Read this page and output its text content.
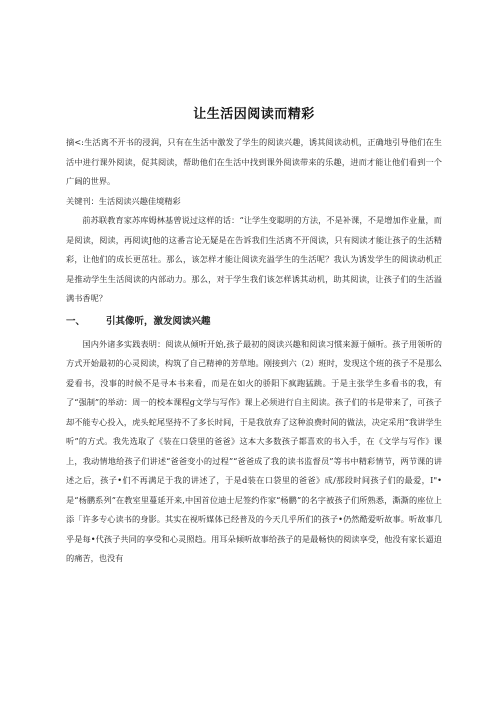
让生活因阅读而精彩

摘<:生活离不开书的浸润，只有在生活中激发了学生的阅读兴趣，诱其阅读动机，正确地引导他们在生活中进行课外阅读，促其阅读，帮助他们在生活中找到课外阅读带来的乐趣，进而才能让他们看到一个广阔的世界。

关键刊：生活阅读兴趣佳境精彩

前苏联教育家苏库姆林基曾说过这样的话：“让学生变聪明的方法，不是补课，不是增加作业量，而是阅读，阅读，再阅读J他的这番言论无疑是在告诉我们生活离不开阅读，只有阅读才能让孩子的生活精彩，让他们的成长更茁壮。那么，该怎样才能让阅读充溢学生的生活呢？我认为诱发学生的阅读动机正是推动学生生活阅读的内部动力。那么，对于学生我们该怎样诱其动机，助其阅读，让孩子们的生活溢满书香呢？

一、 引其像听，激发阅读兴趣

国内外诸多实践表明：阅读从倾听开始,孩子最初的阅读兴趣和阅读习惯来源于倾听。孩子用领听的方式开始最初的心灵阅读，构筑了自己精神的芳草地。刚接到六（2）班时，发现这个班的孩子不是那么爱看书，没事的时候不是寻本书来看，而是在如火的骄阳下疯跑猛跳。于是主张学生多看书的我，有了“强制”的举动：周一的校本课程g文学与写作》课上必须进行自主阅读。孩子们的书是带来了，可孩子却不能专心投入，虎头蛇尾坚持不了多长时间，于是我放弃了这种浪费时间的做法，决定采用“我讲学生听”的方式。我先选取了《装在口袋里的爸爸》这本大多数孩子都喜欢的书入手，在《文学与写作》课上，我动情地给孩子们讲述“爸爸变小的过程”“爸爸成了我的读书监督员”等书中精彩情节，两节课的讲述之后，孩子•们不再满足于我的讲述了，于是d装在口袋里的爸爸》成/那段时间孩子们的最爱，I"•是“杨鹏系列”在教室里蔓延开来,中国首位迪士尼签约作家“杨鹏”的名字被孩子们所熟悉，澌澌的座位上添「许多专心读书的身影。其实在视听媒体已经普及的今天几乎所们的孩子•仍然酷爱听故事。听故事几乎是每•代孩子共同的享受和心灵照趋。用耳朵倾听故事给孩子的是最畅快的阅读享受，他没有家长逼迫的痛苦，也没有
